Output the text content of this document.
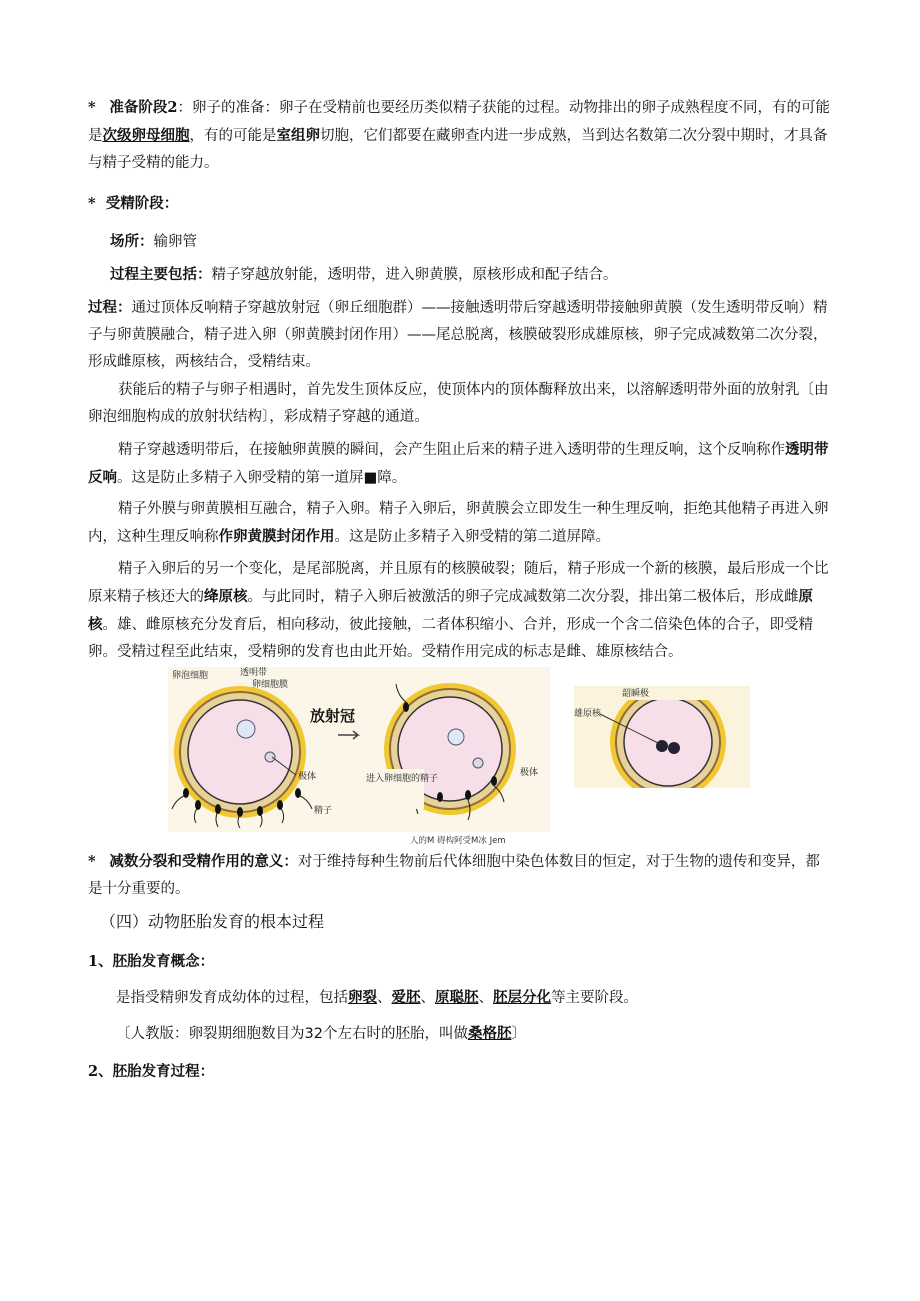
* 准备阶段2：卵子的准备：卵子在受精前也要经历类似精子获能的过程。动物排出的卵子成熟程度不同，有的可能是次级卵母细胞，有的可能是室组卵切胞，它们都要在藏卵查内进一步成熟，当到达名数第二次分裂中期时，才具备与精子受精的能力。
* 受精阶段：
场所：输卵管
过程主要包括：精子穿越放射能，透明带，进入卵黄膜，原核形成和配子结合。
过程：通过顶体反响精子穿越放射冠（卵丘细胞群）——接触透明带后穿越透明带接触卵黄膜（发生透明带反响）精子与卵黄膜融合，精子进入卵（卵黄膜封闭作用）——尾总脱离，核膜破裂形成雄原核，卵子完成减数第二次分裂，形成雌原核，两核结合，受精结束。
获能后的精子与卵子相遇时，首先发生顶体反应，使顶体内的顶体酶释放出来，以溶解透明带外面的放射乳〔由卵泡细胞构成的放射状结构〕，彩成精子穿越的通道。
精子穿越透明带后，在接触卵黄膜的瞬间，会产生阻止后来的精子进入透明带的生理反响，这个反响称作透明带反响。这是防止多精子入卵受精的第一道屏■障。
精子外膜与卵黄膜相互融合，精子入卵。精子入卵后，卵黄膜会立即发生一种生理反响，拒绝其他精子再进入卵内，这种生理反响称作卵黄膜封闭作用。这是防止多精子入卵受精的第二道屏障。
精子入卵后的另一个变化，是尾部脱离，并且原有的核膜破裂；随后，精子形成一个新的核膜，最后形成一个比原来精子核还大的绛原核。与此同时，精子入卵后被激活的卵子完成减数第二次分裂，排出第二极体后，形成雌原核。雄、雌原核充分发育后，相向移动，彼此接触，二者体积缩小、合并，形成一个含二倍染色体的合子，即受精卵。受精过程至此结束，受精卵的发育也由此开始。受精作用完成的标志是雌、雄原核结合。
卵泡细胞	透明带
卵细胞膜
放射冠
极体
精子
进入卵细胞的精子
极体
韶瞬极
雄原核
人的M 碍构阿受M冰 Jem
* 减数分裂和受精作用的意义：对于维持每种生物前后代体细胞中染色体数目的恒定，对于生物的遗传和变异，都是十分重要的。
（四）动物胚胎发育的根本过程
1、胚胎发育概念：
是指受精卵发育成幼体的过程，包括卵裂、爱胚、原聪胚、胚层分化等主要阶段。
〔人教版：卵裂期细胞数目为32个左右时的胚胎，叫做桑格胚〕
2、胚胎发育过程：
